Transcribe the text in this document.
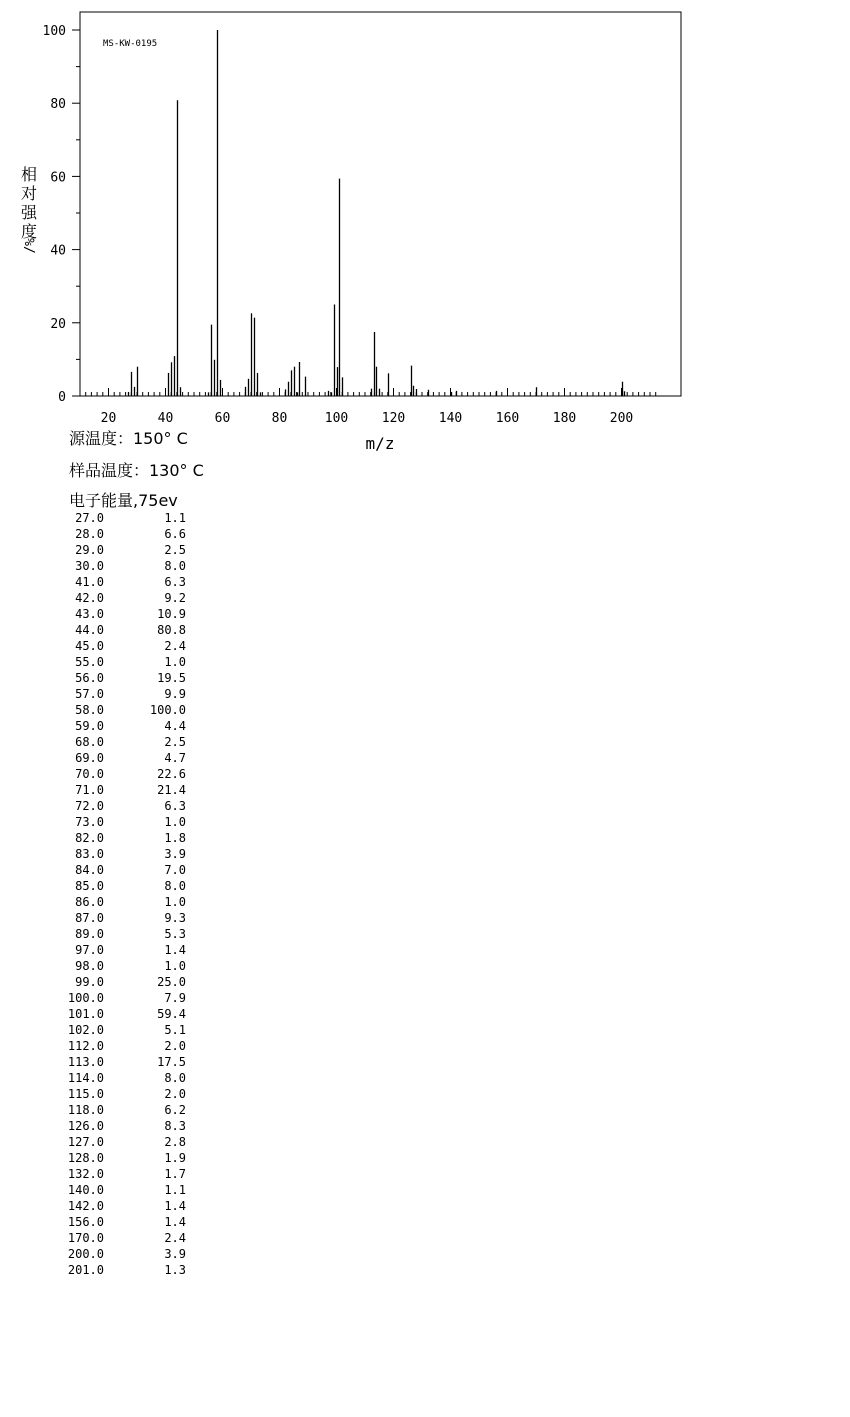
MS-KW-0195
相
对
强
度
%/
m/z
0
20
40
60
80
100
20	40	60	80	100	120	140	160	180	200
源温度：150° C
样品温度：130° C
电子能量,75ev
27.0	1.1
28.0	6.6
29.0	2.5
30.0	8.0
41.0	6.3
42.0	9.2
43.0	10.9
44.0	80.8
45.0	2.4
55.0	1.0
56.0	19.5
57.0	9.9
58.0	100.0
59.0	4.4
68.0	2.5
69.0	4.7
70.0	22.6
71.0	21.4
72.0	6.3
73.0	1.0
82.0	1.8
83.0	3.9
84.0	7.0
85.0	8.0
86.0	1.0
87.0	9.3
89.0	5.3
97.0	1.4
98.0	1.0
99.0	25.0
100.0	7.9
101.0	59.4
102.0	5.1
112.0	2.0
113.0	17.5
114.0	8.0
115.0	2.0
118.0	6.2
126.0	8.3
127.0	2.8
128.0	1.9
132.0	1.7
140.0	1.1
142.0	1.4
156.0	1.4
170.0	2.4
200.0	3.9
201.0	1.3
